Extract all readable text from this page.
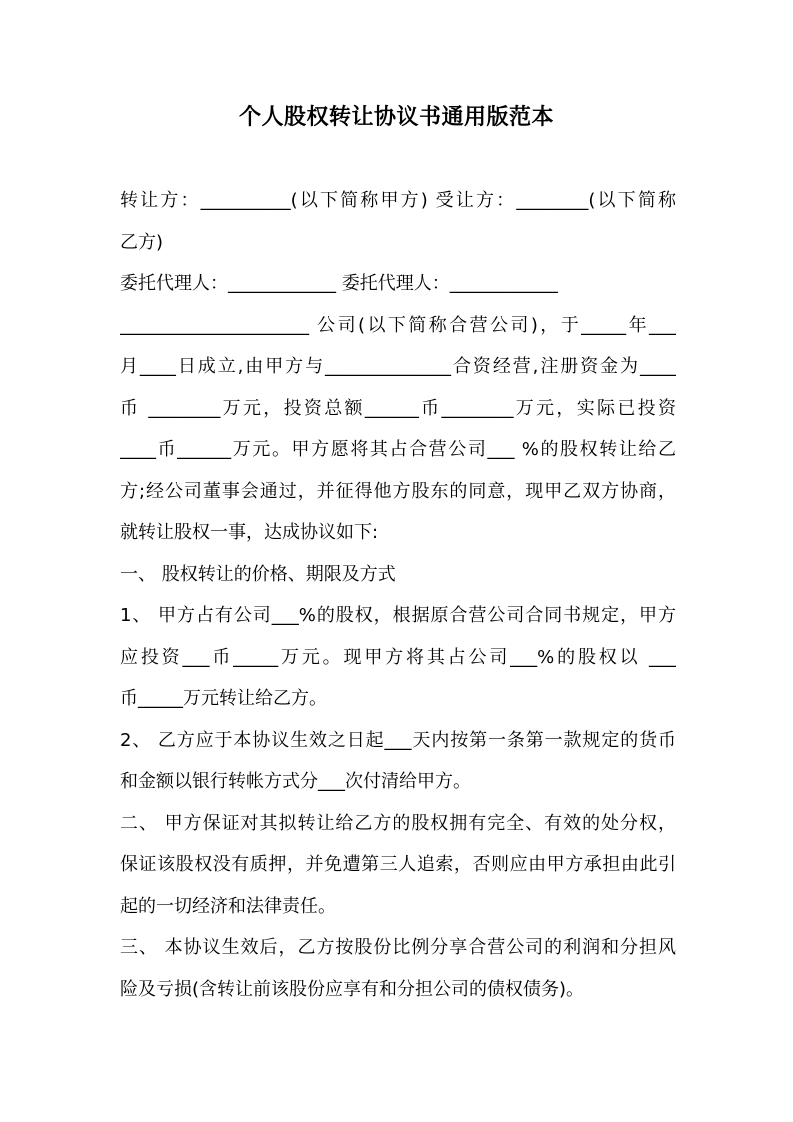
个人股权转让协议书通用版范本
转让方：__________(以下简称甲方) 受让方：________(以下简称
乙方)
委托代理人：____________ 委托代理人：____________
_____________________ 公司(以下简称合营公司)，于_____年___
月____日成立,由甲方与______________合资经营,注册资金为____
币 ________万元，投资总额______币________万元，实际已投资
____币______万元。甲方愿将其占合营公司___ %的股权转让给乙
方;经公司董事会通过，并征得他方股东的同意，现甲乙双方协商，
就转让股权一事，达成协议如下:
一、 股权转让的价格、期限及方式
1、 甲方占有公司___%的股权，根据原合营公司合同书规定，甲方
应投资___币_____万元。现甲方将其占公司___%的股权以 ___
币_____万元转让给乙方。
2、 乙方应于本协议生效之日起___天内按第一条第一款规定的货币
和金额以银行转帐方式分___次付清给甲方。
二、 甲方保证对其拟转让给乙方的股权拥有完全、有效的处分权，
保证该股权没有质押，并免遭第三人追索，否则应由甲方承担由此引
起的一切经济和法律责任。
三、 本协议生效后，乙方按股份比例分享合营公司的利润和分担风
险及亏损(含转让前该股份应享有和分担公司的债权债务)。
